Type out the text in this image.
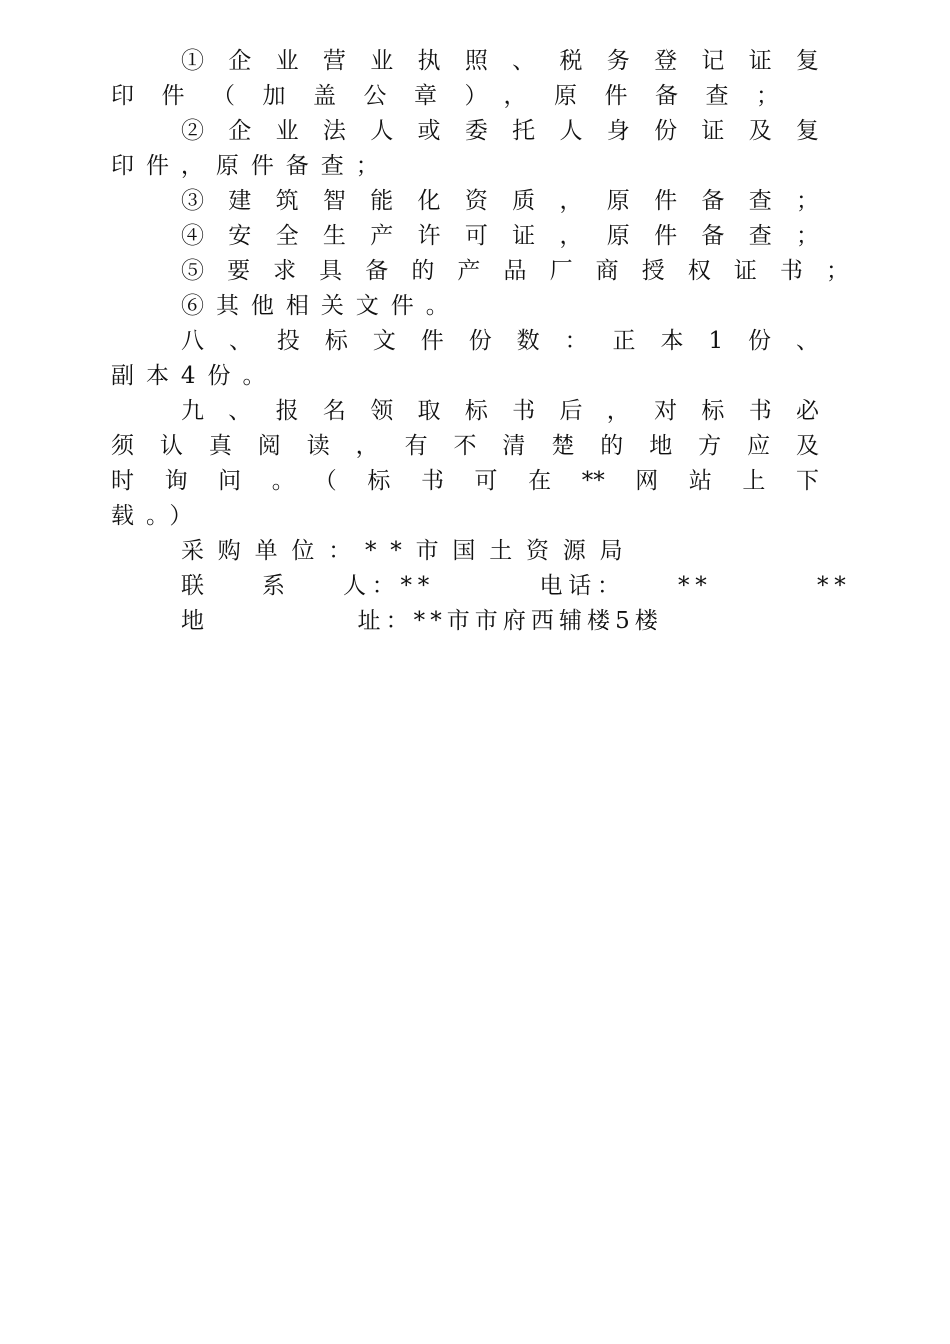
①企业营业执照、税务登记证复
印件（加盖公章），原件备查；
②企业法人或委托人身份证及复
印件，原件备查；
③建筑智能化资质，原件备查；
④安全生产许可证，原件备查；
⑤要求具备的产品厂商授权证书；
⑥其他相关文件。
八、投标文件份数：正本1份、
副本4份。
九、报名领取标书后，对标书必
须认真阅读，有不清楚的地方应及
时询问。（标书可在**网站上下
载。）
采购单位：**市国土资源局
联    系    人：**        电话：    **        **
地            址：**市市府西辅楼5楼
